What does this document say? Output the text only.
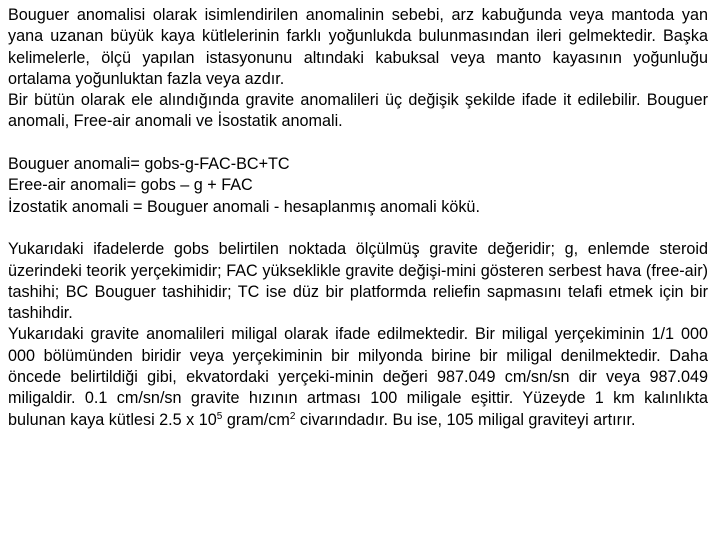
Bouguer anomalisi olarak isimlendirilen anomalinin sebebi, arz kabuğunda veya mantoda yan yana uzanan büyük kaya kütlelerinin farklı yoğunlukda bulunmasından ileri gelmektedir. Başka kelimelerle, ölçü yapılan istasyonunu altındaki kabuksal veya manto kayasının yoğunluğu ortalama yoğunluktan fazla veya azdır.

Bir bütün olarak ele alındığında gravite anomalileri üç değişik şekilde ifade it edilebilir. Bouguer anomali, Free-air anomali ve İsostatik anomali.

Bouguer anomali= gobs-g-FAC-BC+TC

Eree-air anomali= gobs – g + FAC

İzostatik anomali = Bouguer anomali - hesaplanmış anomali kökü.

Yukarıdaki ifadelerde gobs belirtilen noktada ölçülmüş gravite değeridir; g, enlemde steroid üzerindeki teorik yerçekimidir; FAC yükseklikle gravite değişi-mini gösteren serbest hava (free-air) tashihi; BC Bouguer tashihidir; TC ise düz bir platformda reliefin sapmasını telafi etmek için bir tashihdir.

Yukarıdaki gravite anomalileri miligal olarak ifade edilmektedir. Bir miligal yerçekiminin 1/1 000 000 bölümünden biridir veya yerçekiminin bir milyonda birine bir miligal denilmektedir. Daha öncede belirtildiği gibi, ekvatordaki yerçeki-minin değeri 987.049 cm/sn/sn dir veya 987.049 miligaldir. 0.1 cm/sn/sn gravite hızının artması 100 miligale eşittir. Yüzeyde 1 km kalınlıkta bulunan kaya kütlesi 2.5 x $10^5$ gram/$cm^2$ civarındadır. Bu ise, 105 miligal graviteyi artırır.
